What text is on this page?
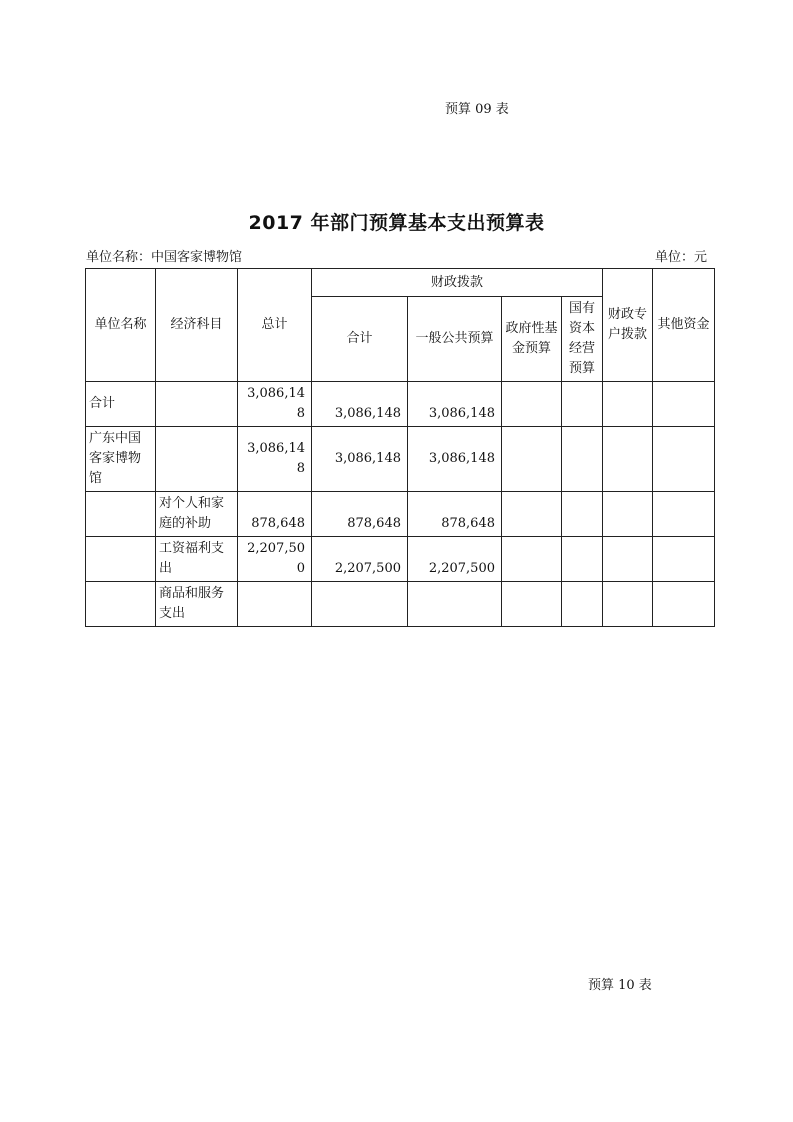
预算 09 表
2017 年部门预算基本支出预算表
单位名称：中国客家博物馆	单位：元
单位名称	经济科目	总计	财政拨款				财政专户拨款	其他资金
			合计	一般公共预算	政府性基金预算	国有资本经营预算		
合计		3,086,148	3,086,148	3,086,148				
广东中国客家博物馆		3,086,148	3,086,148	3,086,148				
	对个人和家庭的补助	878,648	878,648	878,648				
	工资福利支出	2,207,500	2,207,500	2,207,500				
	商品和服务支出							
预算 10 表
